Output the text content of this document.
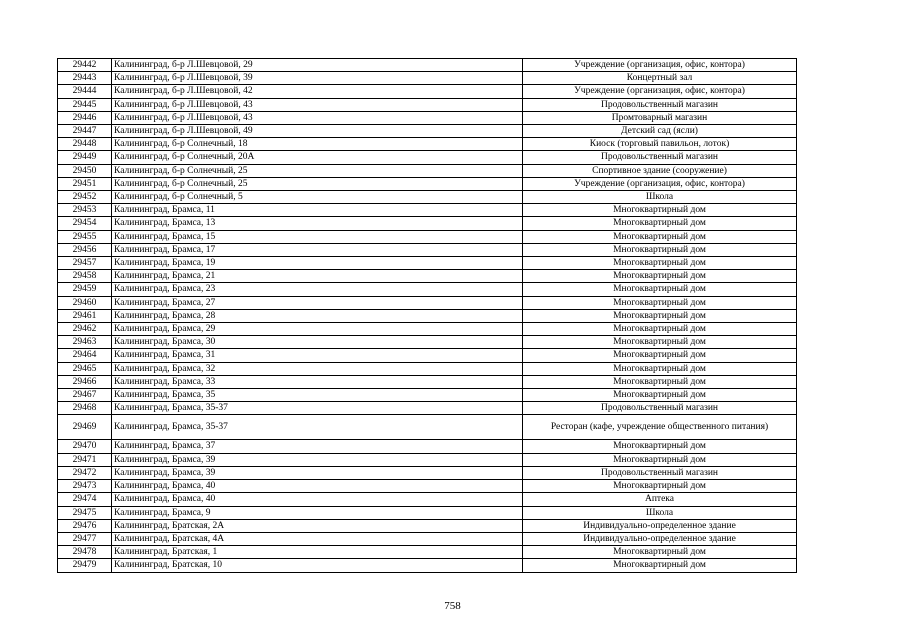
29442	Калининград, б-р Л.Шевцовой, 29	Учреждение (организация, офис, контора)
29443	Калининград, б-р Л.Шевцовой, 39	Концертный зал
29444	Калининград, б-р Л.Шевцовой, 42	Учреждение (организация, офис, контора)
29445	Калининград, б-р Л.Шевцовой, 43	Продовольственный магазин
29446	Калининград, б-р Л.Шевцовой, 43	Промтоварный магазин
29447	Калининград, б-р Л.Шевцовой, 49	Детский сад (ясли)
29448	Калининград, б-р Солнечный, 18	Киоск (торговый павильон, лоток)
29449	Калининград, б-р Солнечный, 20А	Продовольственный магазин
29450	Калининград, б-р Солнечный, 25	Спортивное здание (сооружение)
29451	Калининград, б-р Солнечный, 25	Учреждение (организация, офис, контора)
29452	Калининград, б-р Солнечный, 5	Школа
29453	Калининград, Брамса, 11	Многоквартирный дом
29454	Калининград, Брамса, 13	Многоквартирный дом
29455	Калининград, Брамса, 15	Многоквартирный дом
29456	Калининград, Брамса, 17	Многоквартирный дом
29457	Калининград, Брамса, 19	Многоквартирный дом
29458	Калининград, Брамса, 21	Многоквартирный дом
29459	Калининград, Брамса, 23	Многоквартирный дом
29460	Калининград, Брамса, 27	Многоквартирный дом
29461	Калининград, Брамса, 28	Многоквартирный дом
29462	Калининград, Брамса, 29	Многоквартирный дом
29463	Калининград, Брамса, 30	Многоквартирный дом
29464	Калининград, Брамса, 31	Многоквартирный дом
29465	Калининград, Брамса, 32	Многоквартирный дом
29466	Калининград, Брамса, 33	Многоквартирный дом
29467	Калининград, Брамса, 35	Многоквартирный дом
29468	Калининград, Брамса, 35-37	Продовольственный магазин
29469	Калининград, Брамса, 35-37	Ресторан (кафе, учреждение общественного питания)
29470	Калининград, Брамса, 37	Многоквартирный дом
29471	Калининград, Брамса, 39	Многоквартирный дом
29472	Калининград, Брамса, 39	Продовольственный магазин
29473	Калининград, Брамса, 40	Многоквартирный дом
29474	Калининград, Брамса, 40	Аптека
29475	Калининград, Брамса, 9	Школа
29476	Калининград, Братская, 2А	Индивидуально-определенное здание
29477	Калининград, Братская, 4А	Индивидуально-определенное здание
29478	Калининград, Братская, 1	Многоквартирный дом
29479	Калининград, Братская, 10	Многоквартирный дом
758
